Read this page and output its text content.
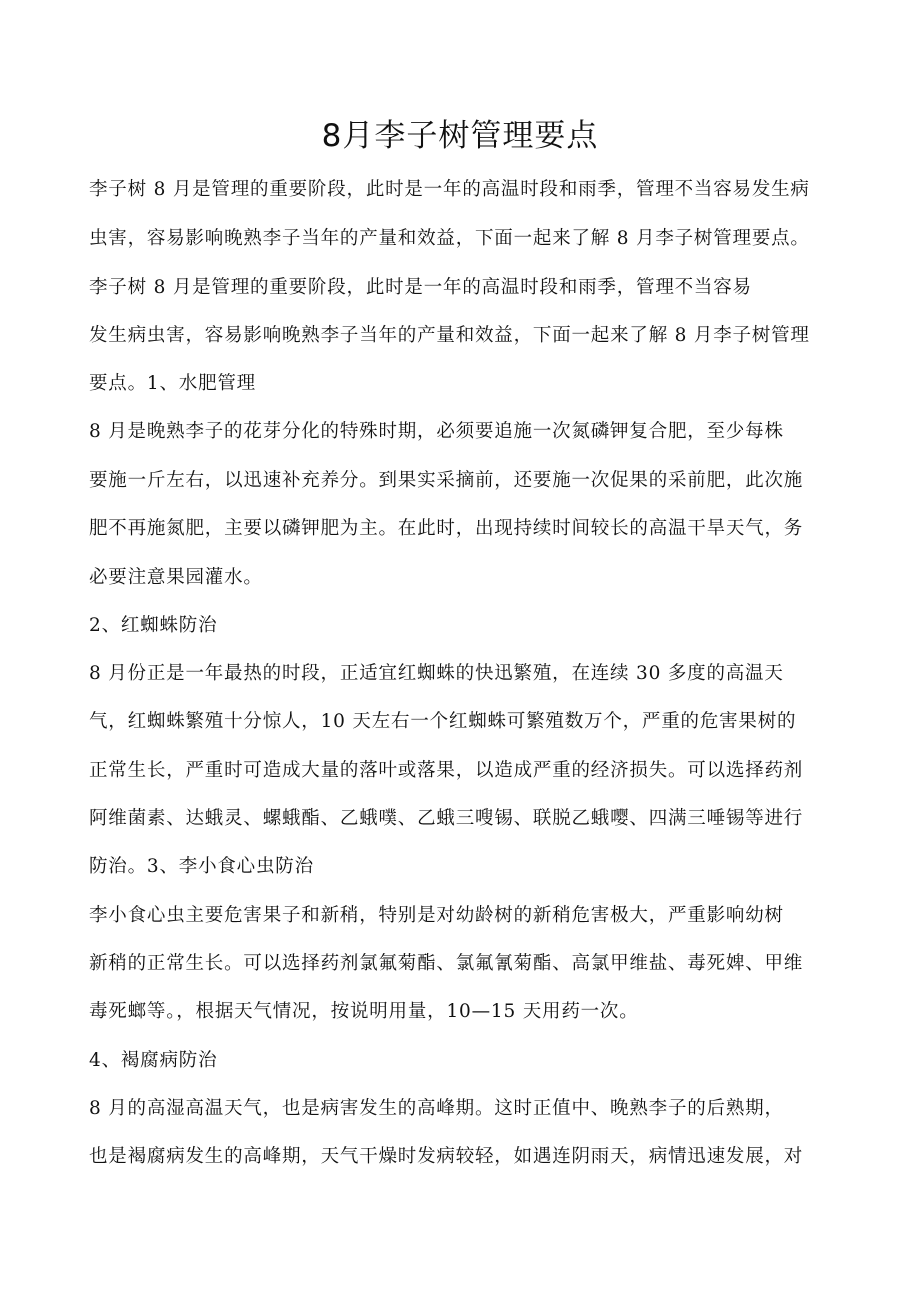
8月李子树管理要点
李子树 8 月是管理的重要阶段，此时是一年的高温时段和雨季，管理不当容易发生病
虫害，容易影响晚熟李子当年的产量和效益，下面一起来了解 8 月李子树管理要点。
李子树 8 月是管理的重要阶段，此时是一年的高温时段和雨季，管理不当容易
发生病虫害，容易影响晚熟李子当年的产量和效益，下面一起来了解 8 月李子树管理
要点。1、水肥管理
8 月是晚熟李子的花芽分化的特殊时期，必须要追施一次氮磷钾复合肥，至少每株
要施一斤左右，以迅速补充养分。到果实采摘前，还要施一次促果的采前肥，此次施
肥不再施氮肥，主要以磷钾肥为主。在此时，出现持续时间较长的高温干旱天气，务
必要注意果园灌水。
2、红蜘蛛防治
8 月份正是一年最热的时段，正适宜红蜘蛛的快迅繁殖，在连续 30 多度的高温天
气，红蜘蛛繁殖十分惊人，10 天左右一个红蜘蛛可繁殖数万个，严重的危害果树的
正常生长，严重时可造成大量的落叶或落果，以造成严重的经济损失。可以选择药剂
阿维菌素、达蛾灵、螺蛾酯、乙蛾噗、乙蛾三嗖锡、联脱乙蛾嘤、四满三唾锡等进行
防治。3、李小食心虫防治
李小食心虫主要危害果子和新稍，特别是对幼龄树的新稍危害极大，严重影响幼树
新稍的正常生长。可以选择药剂氯氟菊酯、氯氟氰菊酯、高氯甲维盐、毒死婢、甲维
毒死螂等。，根据天气情况，按说明用量，10—15 天用药一次。
4、褐腐病防治
8 月的高湿高温天气，也是病害发生的高峰期。这时正值中、晚熟李子的后熟期，
也是褐腐病发生的高峰期，天气干燥时发病较轻，如遇连阴雨天，病情迅速发展，对
